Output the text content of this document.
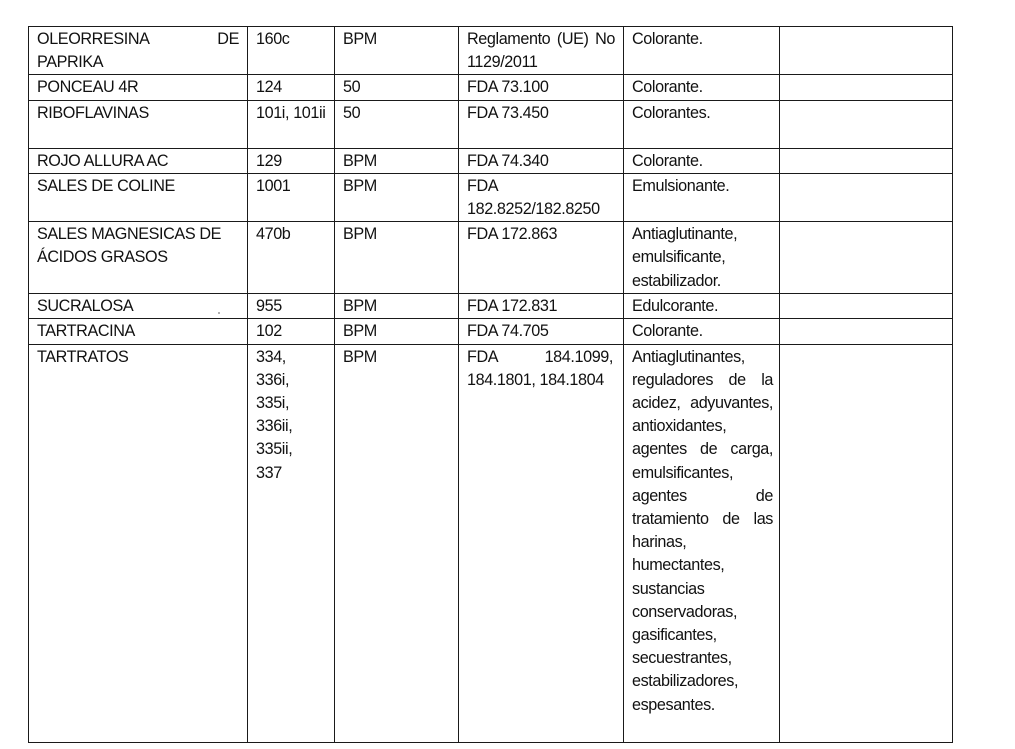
OLEORRESINA DE PAPRIKA	160c	BPM	Reglamento (UE) No 1129/2011	Colorante.	
PONCEAU 4R	124	50	FDA 73.100	Colorante.	
RIBOFLAVINAS	101i, 101ii	50	FDA 73.450	Colorantes.	
ROJO ALLURA AC	129	BPM	FDA 74.340	Colorante.	
SALES DE COLINE	1001	BPM	FDA 182.8252/182.8250	Emulsionante.	
SALES MAGNESICAS DE ÁCIDOS GRASOS	470b	BPM	FDA 172.863	Antiaglutinante, emulsificante, estabilizador.	
SUCRALOSA	955	BPM	FDA 172.831	Edulcorante.	
TARTRACINA	102	BPM	FDA 74.705	Colorante.	
TARTRATOS	334, 336i, 335i, 336ii, 335ii, 337	BPM	FDA 184.1099, 184.1801, 184.1804	Antiaglutinantes, reguladores de la acidez, adyuvantes, antioxidantes, agentes de carga, emulsificantes, agentes de tratamiento de las harinas, humectantes, sustancias conservadoras, gasificantes, secuestrantes, estabilizadores, espesantes.	
